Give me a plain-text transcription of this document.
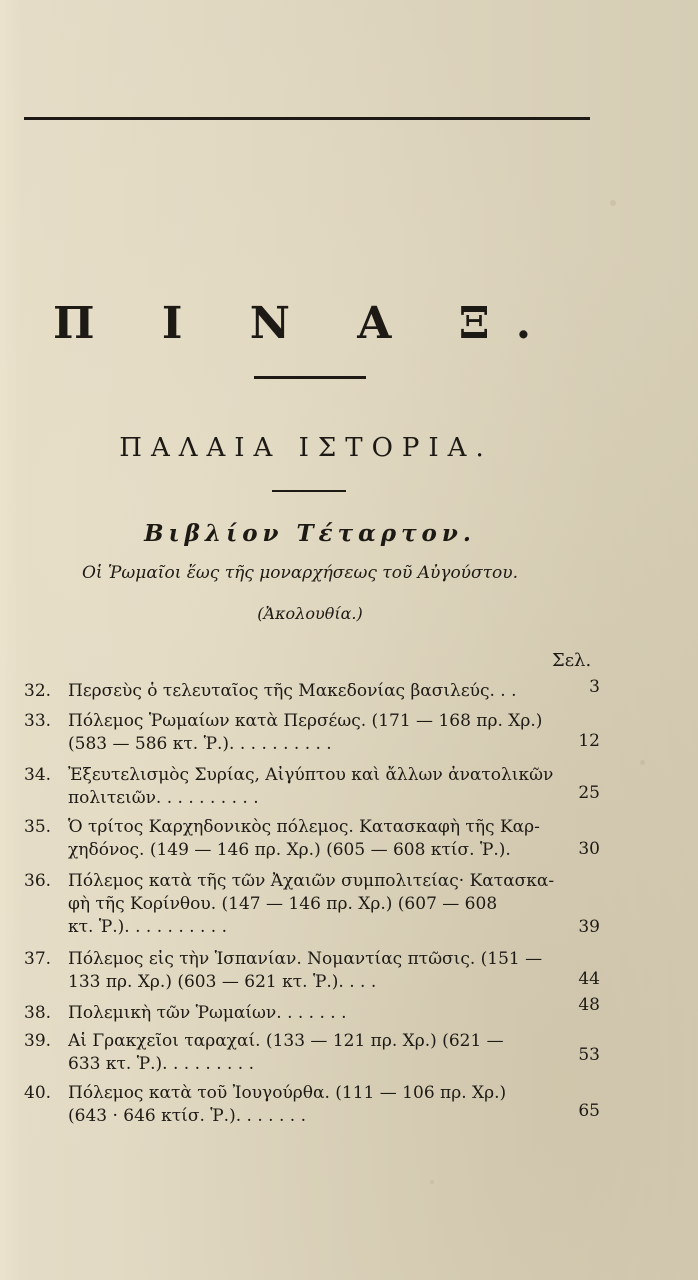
Π Ι Ν Α Ξ.
ΠΑΛΑΙΑ ΙΣΤΟΡΙΑ.
Βιβλίον Τέταρτον.
Οἱ Ῥωμαῖοι ἕως τῆς μοναρχήσεως τοῦ Αὐγούστου.
(Ἀκολουθία.)
Σελ.
32. Περσεὺς ὁ τελευταῖος τῆς Μακεδονίας βασιλεύς. . .	3
33. Πόλεμος Ῥωμαίων κατὰ Περσέως. (171 — 168 πρ. Χρ.)
(583 — 586 κτ. Ῥ.). . . . . . . . . .	12
34. Ἐξευτελισμὸς Συρίας, Αἰγύπτου καὶ ἄλλων ἀνατολικῶν
πολιτειῶν. . . . . . . . . .	25
35. Ὁ τρίτος Καρχηδονικὸς πόλεμος. Κατασκαφὴ τῆς Καρ-
χηδόνος. (149 — 146 πρ. Χρ.) (605 — 608 κτίσ. Ῥ.).	30
36. Πόλεμος κατὰ τῆς τῶν Ἀχαιῶν συμπολιτείας· Κατασκα-
φὴ τῆς Κορίνθου. (147 — 146 πρ. Χρ.) (607 — 608
κτ. Ῥ.). . . . . . . . . .	39
37. Πόλεμος εἰς τὴν Ἱσπανίαν. Νομαντίας πτῶσις. (151 —
133 πρ. Χρ.) (603 — 621 κτ. Ῥ.). . . .	44
38. Πολεμικὴ τῶν Ῥωμαίων. . . . . . .	48
39. Αἱ Γρακχεῖοι ταραχαί. (133 — 121 πρ. Χρ.) (621 —
633 κτ. Ῥ.). . . . . . . . .	53
40. Πόλεμος κατὰ τοῦ Ἰουγούρθα. (111 — 106 πρ. Χρ.)
(643 · 646 κτίσ. Ῥ.). . . . . . .	65
